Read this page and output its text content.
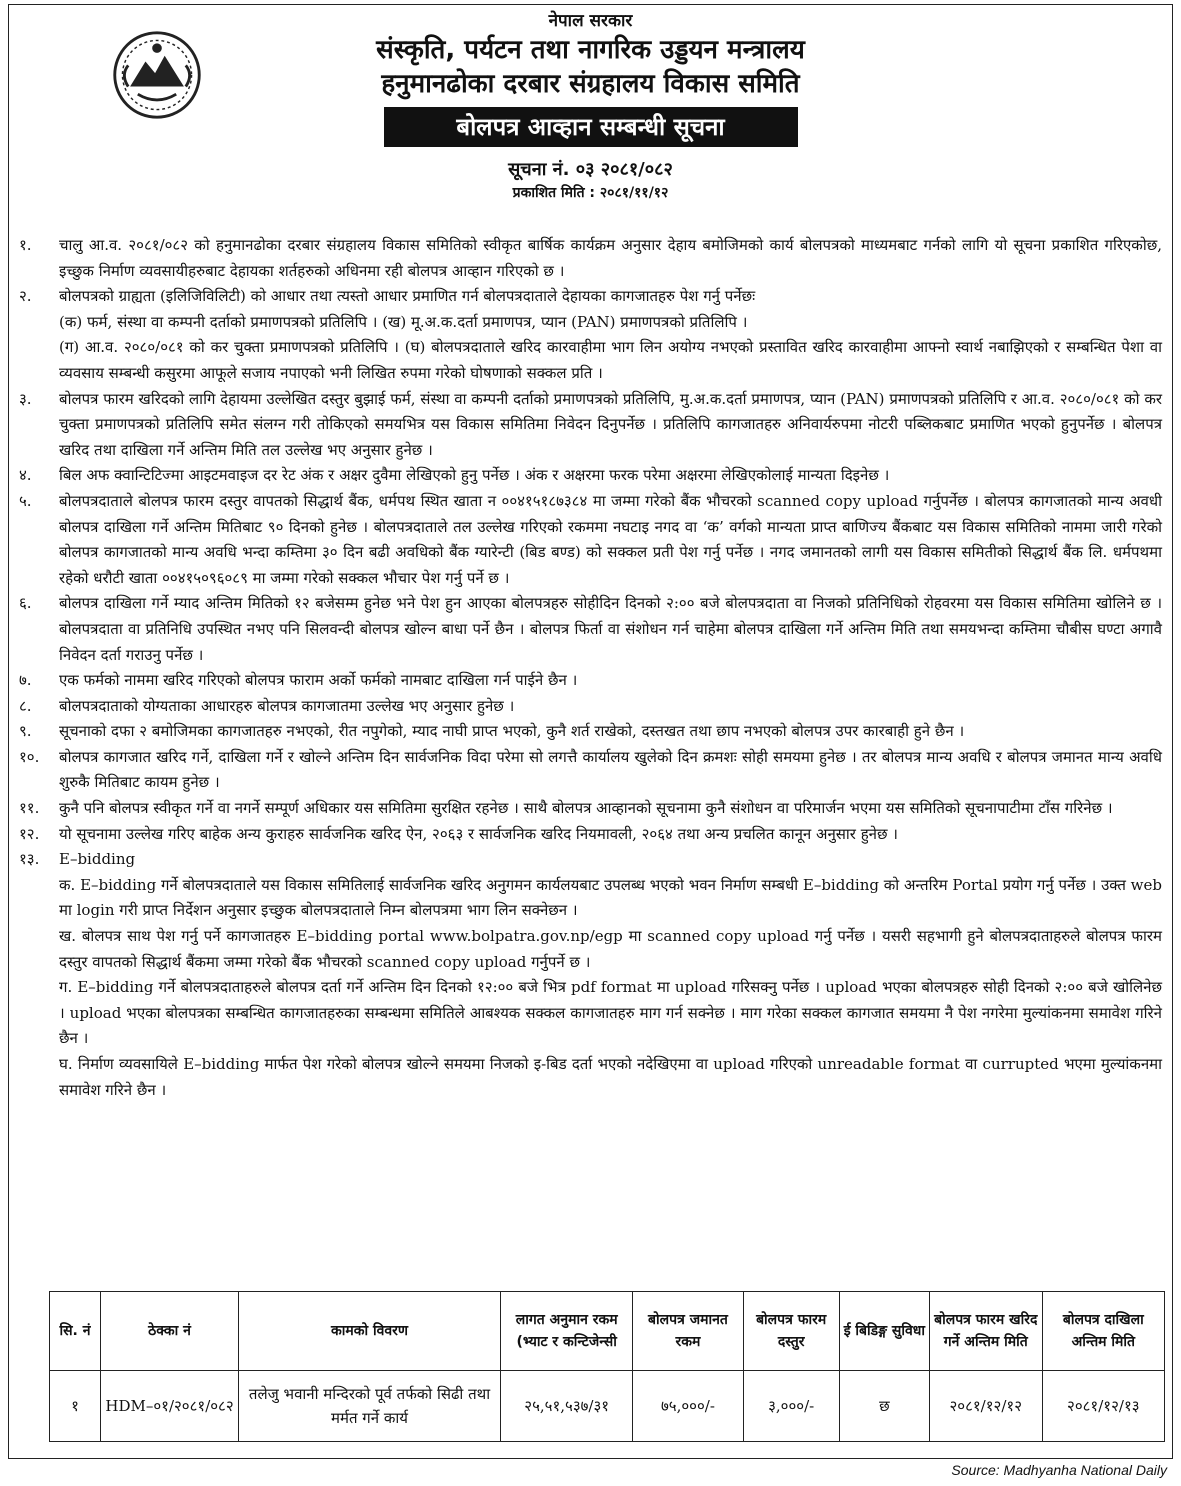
नेपाल सरकार
संस्कृति, पर्यटन तथा नागरिक उड्डयन मन्त्रालय
हनुमानढोका दरबार संग्रहालय विकास समिति
बोलपत्र आव्हान सम्बन्धी सूचना
सूचना नं. ०३ २०८१/०८२
प्रकाशित मिति : २०८१/११/१२
१. चालु आ.व. २०८१/०८२ को हनुमानढोका दरबार संग्रहालय विकास समितिको स्वीकृत बार्षिक कार्यक्रम अनुसार देहाय बमोजिमको कार्य बोलपत्रको माध्यमबाट गर्नको लागि यो सूचना प्रकाशित गरिएकोछ, इच्छुक निर्माण व्यवसायीहरुबाट देहायका शर्तहरुको अधिनमा रही बोलपत्र आव्हान गरिएको छ ।
२. बोलपत्रको ग्राह्यता (इलिजिविलिटी) को आधार तथा त्यस्तो आधार प्रमाणित गर्न बोलपत्रदाताले देहायका कागजातहरु पेश गर्नु पर्नेछः
(क) फर्म, संस्था वा कम्पनी दर्ताको प्रमाणपत्रको प्रतिलिपि । (ख) मू.अ.क.दर्ता प्रमाणपत्र, प्यान (PAN) प्रमाणपत्रको प्रतिलिपि ।
(ग) आ.व. २०८०/०८१ को कर चुक्ता प्रमाणपत्रको प्रतिलिपि । (घ) बोलपत्रदाताले खरिद कारवाहीमा भाग लिन अयोग्य नभएको प्रस्तावित खरिद कारवाहीमा आफ्नो स्वार्थ नबाझिएको र सम्बन्धित पेशा वा व्यवसाय सम्बन्धी कसुरमा आफूले सजाय नपाएको भनी लिखित रुपमा गरेको घोषणाको सक्कल प्रति ।
३. बोलपत्र फारम खरिदको लागि देहायमा उल्लेखित दस्तुर बुझाई फर्म, संस्था वा कम्पनी दर्ताको प्रमाणपत्रको प्रतिलिपि, मु.अ.क.दर्ता प्रमाणपत्र, प्यान (PAN) प्रमाणपत्रको प्रतिलिपि र आ.व. २०८०/०८१ को कर चुक्ता प्रमाणपत्रको प्रतिलिपि समेत संलग्न गरी तोकिएको समयभित्र यस विकास समितिमा निवेदन दिनुपर्नेछ । प्रतिलिपि कागजातहरु अनिवार्यरुपमा नोटरी पब्लिकबाट प्रमाणित भएको हुनुपर्नेछ । बोलपत्र खरिद तथा दाखिला गर्ने अन्तिम मिति तल उल्लेख भए अनुसार हुनेछ ।
४. बिल अफ क्वान्टिटिज्मा आइटमवाइज दर रेट अंक र अक्षर दुवैमा लेखिएको हुनु पर्नेछ । अंक र अक्षरमा फरक परेमा अक्षरमा लेखिएकोलाई मान्यता दिइनेछ ।
५. बोलपत्रदाताले बोलपत्र फारम दस्तुर वापतको सिद्धार्थ बैंक, धर्मपथ स्थित खाता न ००४१५१८७३८४ मा जम्मा गरेको बैंक भौचरको scanned copy upload गर्नुपर्नेछ । बोलपत्र कागजातको मान्य अवधी बोलपत्र दाखिला गर्ने अन्तिम मितिबाट ९० दिनको हुनेछ । बोलपत्रदाताले तल उल्लेख गरिएको रकममा नघटाइ नगद वा ‘क’ वर्गको मान्यता प्राप्त बाणिज्य बैंकबाट यस विकास समितिको नाममा जारी गरेको बोलपत्र कागजातको मान्य अवधि भन्दा कम्तिमा ३० दिन बढी अवधिको बैंक ग्यारेन्टी (बिड बण्ड) को सक्कल प्रती पेश गर्नु पर्नेछ । नगद जमानतको लागी यस विकास समितीको सिद्धार्थ बैंक लि. धर्मपथमा रहेको धरौटी खाता ००४१५०९६०८९ मा जम्मा गरेको सक्कल भौचार पेश गर्नु पर्ने छ ।
६. बोलपत्र दाखिला गर्ने म्याद अन्तिम मितिको १२ बजेसम्म हुनेछ भने पेश हुन आएका बोलपत्रहरु सोहीदिन दिनको २:०० बजे बोलपत्रदाता वा निजको प्रतिनिधिको रोहवरमा यस विकास समितिमा खोलिने छ । बोलपत्रदाता वा प्रतिनिधि उपस्थित नभए पनि सिलवन्दी बोलपत्र खोल्न बाधा पर्ने छैन । बोलपत्र फिर्ता वा संशोधन गर्न चाहेमा बोलपत्र दाखिला गर्ने अन्तिम मिति तथा समयभन्दा कम्तिमा चौबीस घण्टा अगावै निवेदन दर्ता गराउनु पर्नेछ ।
७. एक फर्मको नाममा खरिद गरिएको बोलपत्र फाराम अर्को फर्मको नामबाट दाखिला गर्न पाईने छैन ।
८. बोलपत्रदाताको योग्यताका आधारहरु बोलपत्र कागजातमा उल्लेख भए अनुसार हुनेछ ।
९. सूचनाको दफा २ बमोजिमका कागजातहरु नभएको, रीत नपुगेको, म्याद नाघी प्राप्त भएको, कुनै शर्त राखेको, दस्तखत तथा छाप नभएको बोलपत्र उपर कारबाही हुने छैन ।
१०. बोलपत्र कागजात खरिद गर्ने, दाखिला गर्ने र खोल्ने अन्तिम दिन सार्वजनिक विदा परेमा सो लगत्तै कार्यालय खुलेको दिन क्रमशः सोही समयमा हुनेछ । तर बोलपत्र मान्य अवधि र बोलपत्र जमानत मान्य अवधि शुरुकै मितिबाट कायम हुनेछ ।
११. कुनै पनि बोलपत्र स्वीकृत गर्ने वा नगर्ने सम्पूर्ण अधिकार यस समितिमा सुरक्षित रहनेछ । साथै बोलपत्र आव्हानको सूचनामा कुनै संशोधन वा परिमार्जन भएमा यस समितिको सूचनापाटीमा टाँस गरिनेछ ।
१२. यो सूचनामा उल्लेख गरिए बाहेक अन्य कुराहरु सार्वजनिक खरिद ऐन, २०६३ र सार्वजनिक खरिद नियमावली, २०६४ तथा अन्य प्रचलित कानून अनुसार हुनेछ ।
१३. E–bidding
क. E–bidding गर्ने बोलपत्रदाताले यस विकास समितिलाई सार्वजनिक खरिद अनुगमन कार्यलयबाट उपलब्ध भएको भवन निर्माण सम्बधी E–bidding को अन्तरिम Portal प्रयोग गर्नु पर्नेछ । उक्त web मा login गरी प्राप्त निर्देशन अनुसार इच्छुक बोलपत्रदाताले निम्न बोलपत्रमा भाग लिन सक्नेछन ।
ख. बोलपत्र साथ पेश गर्नु पर्ने कागजातहरु E–bidding portal www.bolpatra.gov.np/egp मा scanned copy upload गर्नु पर्नेछ । यसरी सहभागी हुने बोलपत्रदाताहरुले बोलपत्र फारम दस्तुर वापतको सिद्धार्थ बैंकमा जम्मा गरेको बैंक भौचरको scanned copy upload गर्नुपर्ने छ ।
ग. E–bidding गर्ने बोलपत्रदाताहरुले बोलपत्र दर्ता गर्ने अन्तिम दिन दिनको १२:०० बजे भित्र pdf format मा upload गरिसक्नु पर्नेछ । upload भएका बोलपत्रहरु सोही दिनको २:०० बजे खोलिनेछ । upload भएका बोलपत्रका सम्बन्धित कागजातहरुका सम्बन्धमा समितिले आबश्यक सक्कल कागजातहरु माग गर्न सक्नेछ । माग गरेका सक्कल कागजात समयमा नै पेश नगरेमा मुल्यांकनमा समावेश गरिने छैन ।
घ. निर्माण व्यवसायिले E–bidding मार्फत पेश गरेको बोलपत्र खोल्ने समयमा निजको इ-बिड दर्ता भएको नदेखिएमा वा upload गरिएको unreadable format वा currupted भएमा मुल्यांकनमा समावेश गरिने छैन ।
सि. नं	ठेक्का नं	कामको विवरण	लागत अनुमान रकम (भ्याट र कन्टिजेन्सी	बोलपत्र जमानत रकम	बोलपत्र फारम दस्तुर	ई बिडिङ्ग सुविधा	बोलपत्र फारम खरिद गर्ने अन्तिम मिति	बोलपत्र दाखिला अन्तिम मिति
१	HDM–०१/२०८१/०८२	तलेजु भवानी मन्दिरको पूर्व तर्फको सिढी तथा मर्मत गर्ने कार्य	२५,५१,५३७/३१	७५,०००/-	३,०००/-	छ	२०८१/१२/१२	२०८१/१२/१३
Source: Madhyanha National Daily
